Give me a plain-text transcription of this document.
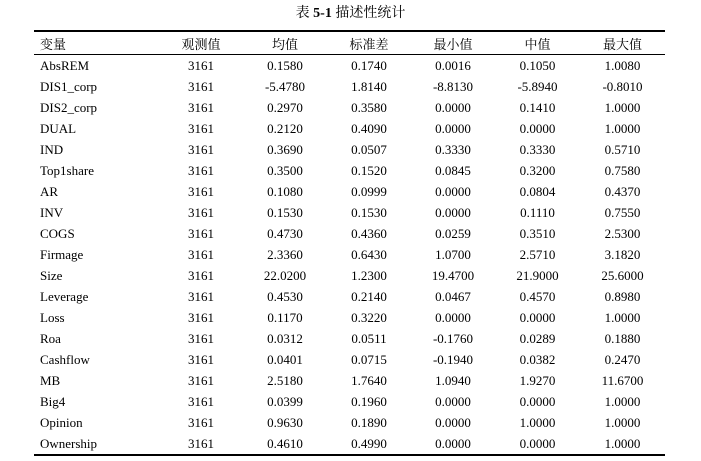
表 5-1 描述性统计
变量	观测值	均值	标准差	最小值	中值	最大值
AbsREM	3161	0.1580	0.1740	0.0016	0.1050	1.0080
DIS1_corp	3161	-5.4780	1.8140	-8.8130	-5.8940	-0.8010
DIS2_corp	3161	0.2970	0.3580	0.0000	0.1410	1.0000
DUAL	3161	0.2120	0.4090	0.0000	0.0000	1.0000
IND	3161	0.3690	0.0507	0.3330	0.3330	0.5710
Top1share	3161	0.3500	0.1520	0.0845	0.3200	0.7580
AR	3161	0.1080	0.0999	0.0000	0.0804	0.4370
INV	3161	0.1530	0.1530	0.0000	0.1110	0.7550
COGS	3161	0.4730	0.4360	0.0259	0.3510	2.5300
Firmage	3161	2.3360	0.6430	1.0700	2.5710	3.1820
Size	3161	22.0200	1.2300	19.4700	21.9000	25.6000
Leverage	3161	0.4530	0.2140	0.0467	0.4570	0.8980
Loss	3161	0.1170	0.3220	0.0000	0.0000	1.0000
Roa	3161	0.0312	0.0511	-0.1760	0.0289	0.1880
Cashflow	3161	0.0401	0.0715	-0.1940	0.0382	0.2470
MB	3161	2.5180	1.7640	1.0940	1.9270	11.6700
Big4	3161	0.0399	0.1960	0.0000	0.0000	1.0000
Opinion	3161	0.9630	0.1890	0.0000	1.0000	1.0000
Ownership	3161	0.4610	0.4990	0.0000	0.0000	1.0000
